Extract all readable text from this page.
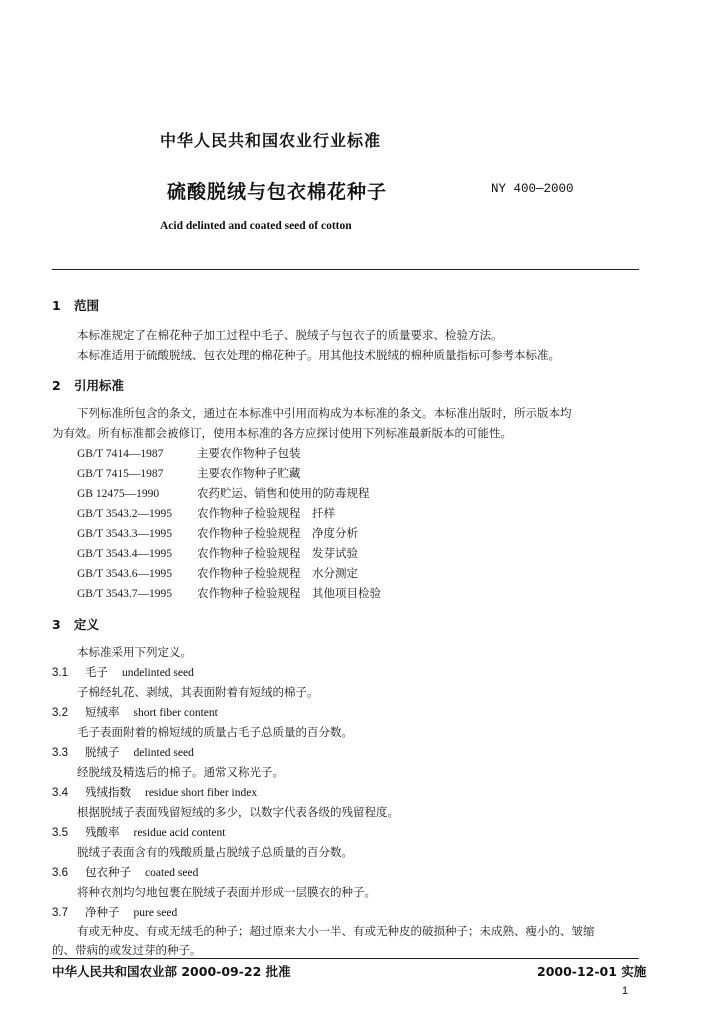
中华人民共和国农业行业标准
硫酸脱绒与包衣棉花种子	NY 400—2000
Acid delinted and coated seed of cotton
1 范围
本标准规定了在棉花种子加工过程中毛子、脱绒子与包衣子的质量要求、检验方法。
本标准适用于硫酸脱绒、包衣处理的棉花种子。用其他技术脱绒的棉种质量指标可参考本标准。
2 引用标准
下列标准所包含的条文，通过在本标准中引用而构成为本标准的条文。本标准出版时，所示版本均
为有效。所有标准都会被修订，使用本标准的各方应探讨使用下列标准最新版本的可能性。
GB/T 7414—1987	主要农作物种子包装
GB/T 7415—1987	主要农作物种子贮藏
GB 12475—1990	农药贮运、销售和使用的防毒规程
GB/T 3543.2—1995 农作物种子检验规程　扦样
GB/T 3543.3—1995 农作物种子检验规程　净度分析
GB/T 3543.4—1995 农作物种子检验规程　发芽试验
GB/T 3543.6—1995 农作物种子检验规程　水分测定
GB/T 3543.7—1995 农作物种子检验规程　其他项目检验
3 定义
本标准采用下列定义。
3.1 毛子 undelinted seed
子棉经轧花、剥绒，其表面附着有短绒的棉子。
3.2 短绒率 short fiber content
毛子表面附着的棉短绒的质量占毛子总质量的百分数。
3.3 脱绒子 delinted seed
经脱绒及精选后的棉子。通常又称光子。
3.4 残绒指数 residue short fiber index
根据脱绒子表面残留短绒的多少，以数字代表各级的残留程度。
3.5 残酸率 residue acid content
脱绒子表面含有的残酸质量占脱绒子总质量的百分数。
3.6 包衣种子 coated seed
将种衣剂均匀地包裹在脱绒子表面并形成一层膜衣的种子。
3.7 净种子 pure seed
有或无种皮、有或无绒毛的种子；超过原来大小一半、有或无种皮的破损种子；未成熟、瘦小的、皱缩
的、带病的或发过芽的种子。
中华人民共和国农业部 2000-09-22 批准	2000-12-01 实施
1
